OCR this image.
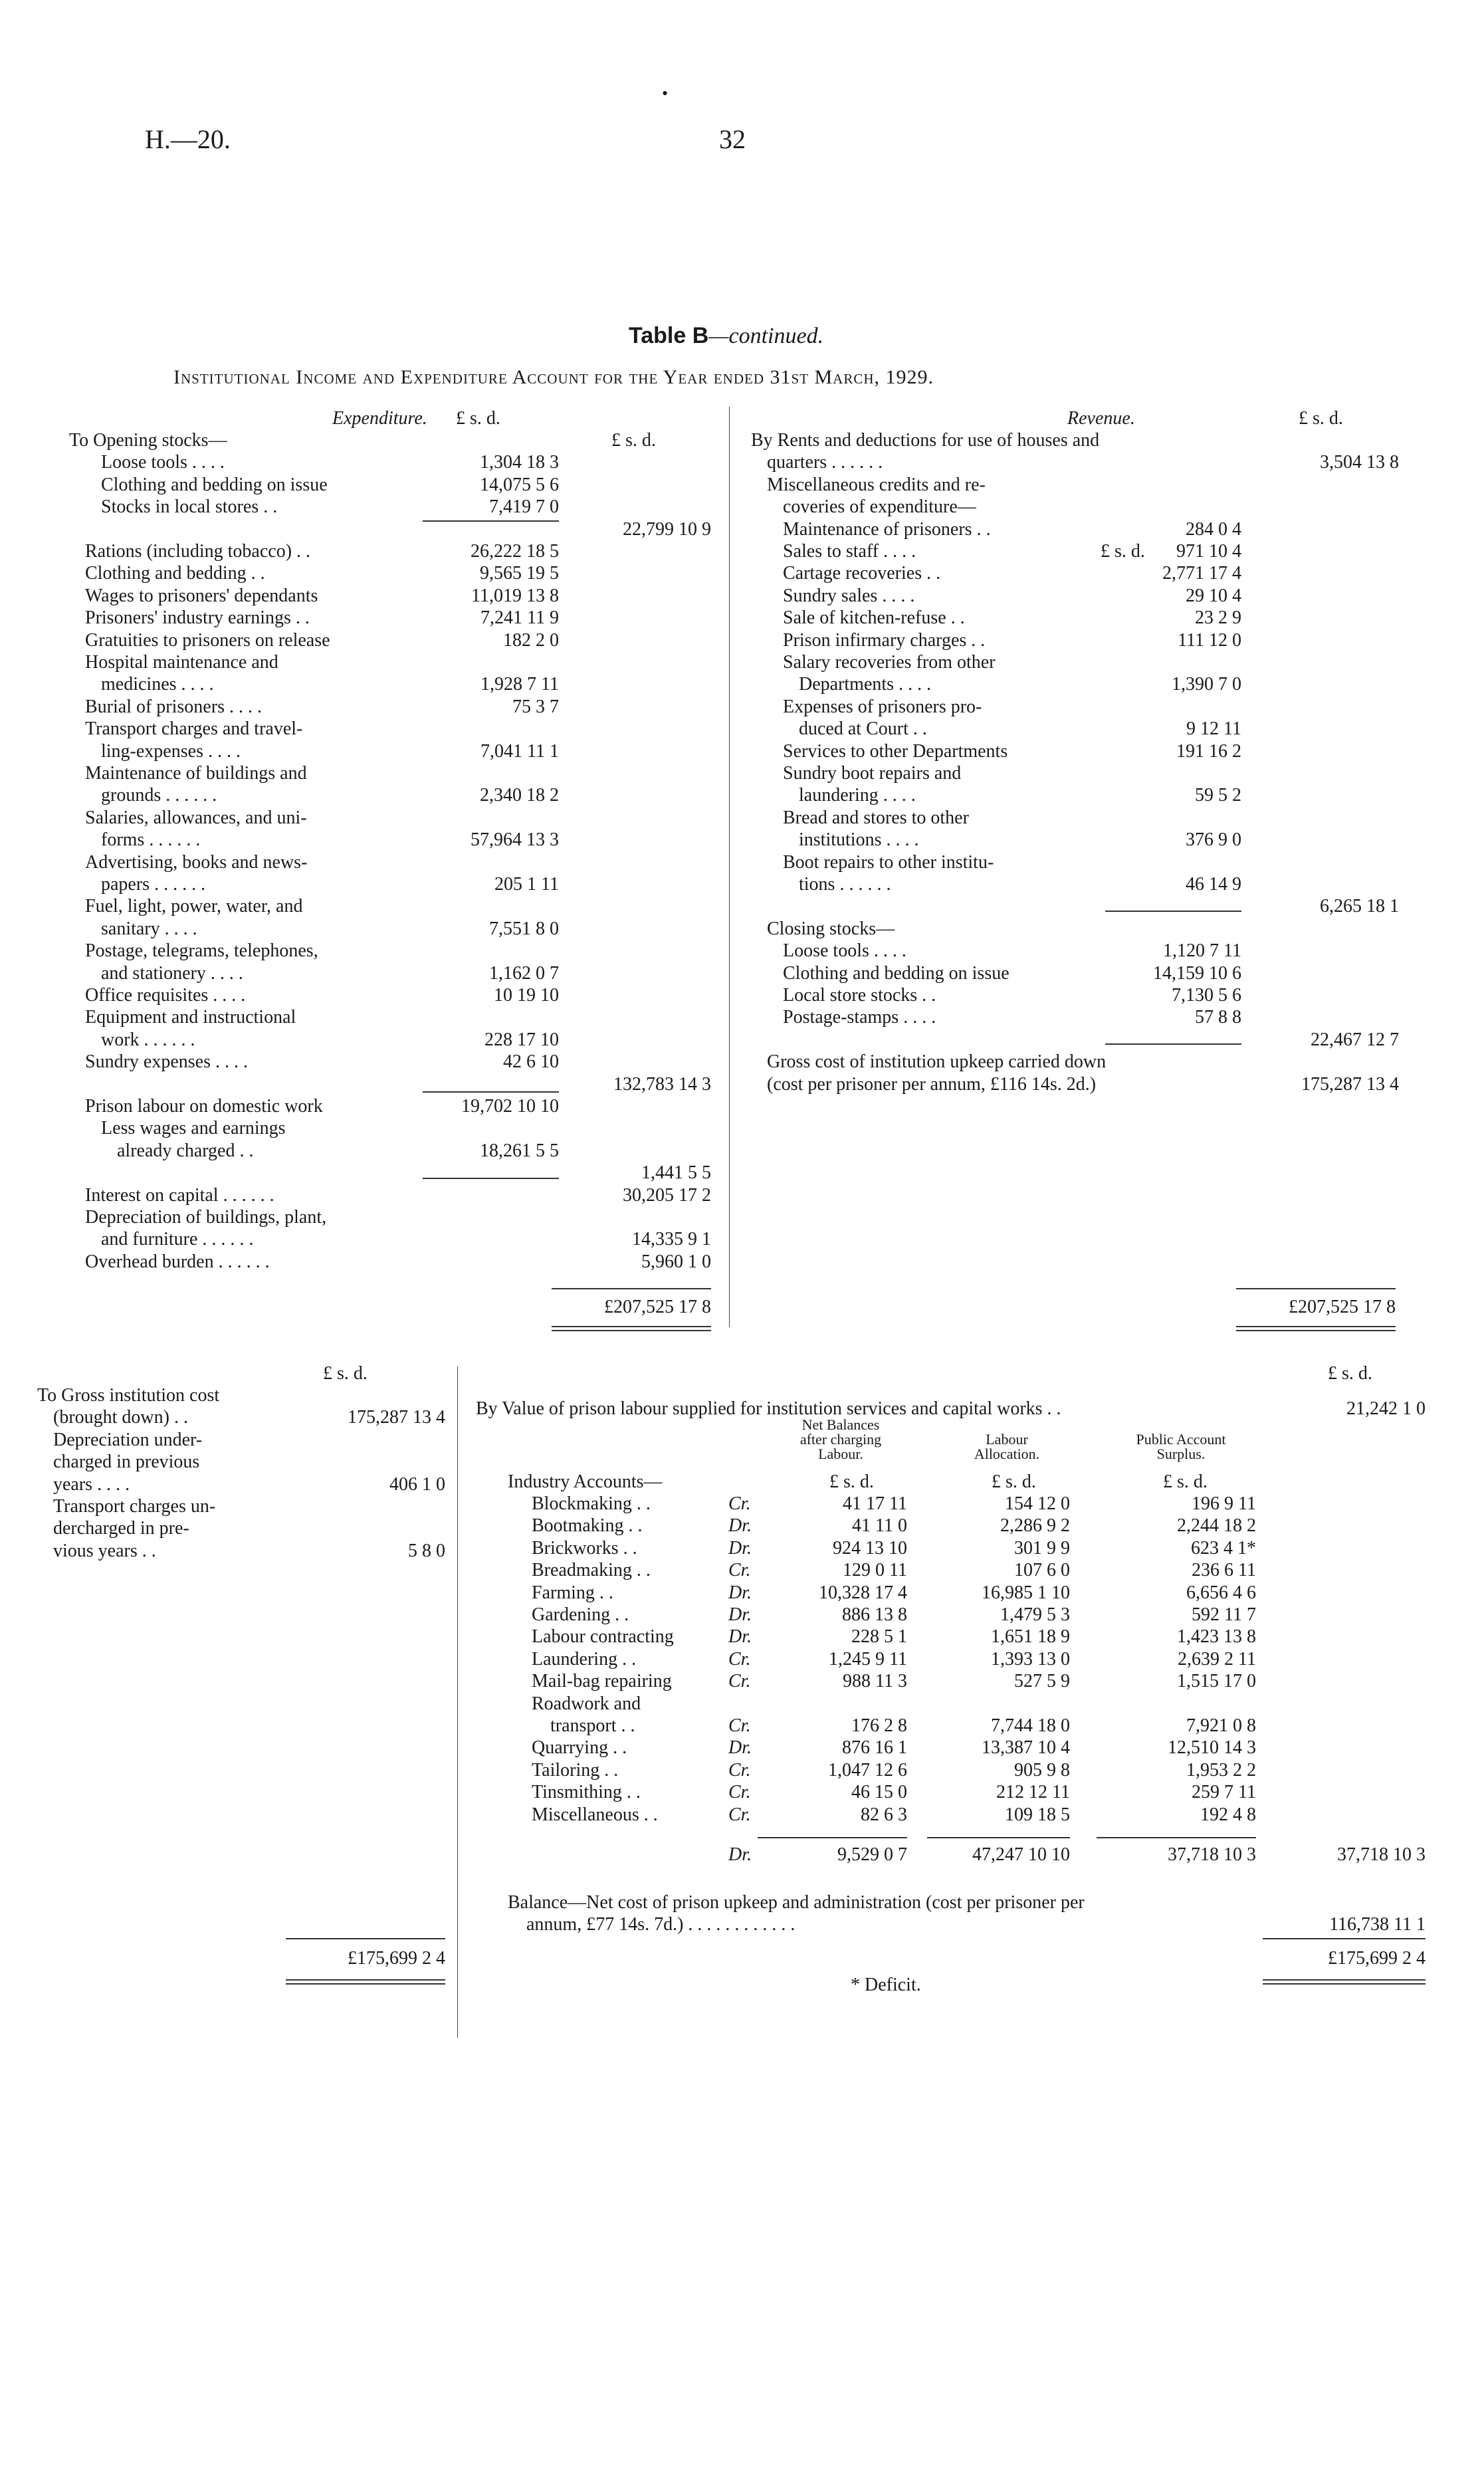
H.—20.	32
•
Table B—continued.
Institutional Income and Expenditure Account for the Year ended 31st March, 1929.
Expenditure. £ s. d.
£ s. d.
Revenue.	£ s. d.
To Opening stocks—
Loose tools . . . .	1,304 18 3
Clothing and bedding on issue	14,075 5 6
Stocks in local stores . .	7,419 7 0
22,799 10 9
Rations (including tobacco) . .	26,222 18 5
Clothing and bedding . .	9,565 19 5
Wages to prisoners' dependants	11,019 13 8
Prisoners' industry earnings . .	7,241 11 9
Gratuities to prisoners on release	182 2 0
Hospital maintenance and
medicines . . . .	1,928 7 11
Burial of prisoners . . . .	75 3 7
Transport charges and travel-
ling-expenses . . . .	7,041 11 1
Maintenance of buildings and
grounds . . . . . .	2,340 18 2
Salaries, allowances, and uni-
forms . . . . . .	57,964 13 3
Advertising, books and news-
papers . . . . . .	205 1 11
Fuel, light, power, water, and
sanitary . . . .	7,551 8 0
Postage, telegrams, telephones,
and stationery . . . .	1,162 0 7
Office requisites . . . .	10 19 10
Equipment and instructional
work . . . . . .	228 17 10
Sundry expenses . . . .	42 6 10
132,783 14 3
Prison labour on domestic work	19,702 10 10
Less wages and earnings
already charged . .	18,261 5 5
1,441 5 5
Interest on capital . . . . . .	30,205 17 2
Depreciation of buildings, plant,
and furniture . . . . . .	14,335 9 1
Overhead burden . . . . . .	5,960 1 0
By Rents and deductions for use of houses and
quarters . . . . . .	3,504 13 8
Miscellaneous credits and re-
coveries of expenditure—
Maintenance of prisoners . .	284 0 4
Sales to staff . . . .	971 10 4
Cartage recoveries . .	2,771 17 4
Sundry sales . . . .	29 10 4
Sale of kitchen-refuse . .	23 2 9
Prison infirmary charges . .	111 12 0
Salary recoveries from other
Departments . . . .	1,390 7 0
Expenses of prisoners pro-
duced at Court . .	9 12 11
Services to other Departments	191 16 2
Sundry boot repairs and
laundering . . . .	59 5 2
Bread and stores to other
institutions . . . .	376 9 0
Boot repairs to other institu-
tions . . . . . .	46 14 9
6,265 18 1
Closing stocks—
Loose tools . . . .	1,120 7 11
Clothing and bedding on issue	14,159 10 6
Local store stocks . .	7,130 5 6
Postage-stamps . . . .	57 8 8
22,467 12 7
Gross cost of institution upkeep carried down
(cost per prisoner per annum, £116 14s. 2d.)	175,287 13 4
£ s. d.
£207,525 17 8	£207,525 17 8
£ s. d.	£ s. d.
To Gross institution cost
(brought down) . .	175,287 13 4
Depreciation under-
charged in previous
years . . . .	406 1 0
Transport charges un-
dercharged in pre-
vious years . .	5 8 0
By Value of prison labour supplied for institution services and capital works . .	21,242 1 0
Net Balances after charging Labour.
Labour Allocation.
Public Account Surplus.
£ s. d.	£ s. d.	£ s. d.
Industry Accounts—
Blockmaking . .	Cr.	41 17 11	154 12 0	196 9 11
Bootmaking . .	Dr.	41 11 0	2,286 9 2	2,244 18 2
Brickworks . .	Dr.	924 13 10	301 9 9	623 4 1*
Breadmaking . .	Cr.	129 0 11	107 6 0	236 6 11
Farming . .	Dr.	10,328 17 4	16,985 1 10	6,656 4 6
Gardening . .	Dr.	886 13 8	1,479 5 3	592 11 7
Labour contracting	Dr.	228 5 1	1,651 18 9	1,423 13 8
Laundering . .	Cr.	1,245 9 11	1,393 13 0	2,639 2 11
Mail-bag repairing	Cr.	988 11 3	527 5 9	1,515 17 0
Roadwork and
transport . .	Cr.	176 2 8	7,744 18 0	7,921 0 8
Quarrying . .	Dr.	876 16 1	13,387 10 4	12,510 14 3
Tailoring . .	Cr.	1,047 12 6	905 9 8	1,953 2 2
Tinsmithing . .	Cr.	46 15 0	212 12 11	259 7 11
Miscellaneous . .	Cr.	82 6 3	109 18 5	192 4 8
Dr.	9,529 0 7	47,247 10 10	37,718 10 3	37,718 10 3
Balance—Net cost of prison upkeep and administration (cost per prisoner per
annum, £77 14s. 7d.) . . . . . . . . . . . .	116,738 11 1
£175,699 2 4	£175,699 2 4
* Deficit.
